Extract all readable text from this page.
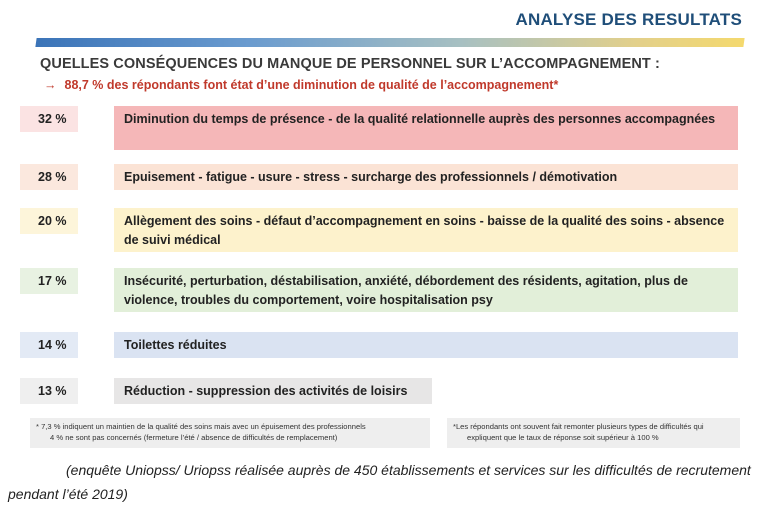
ANALYSE DES RESULTATS
QUELLES CONSÉQUENCES DU MANQUE DE PERSONNEL SUR L’ACCOMPAGNEMENT :
→ 88,7 % des répondants font état d’une diminution de qualité de l’accompagnement*
32 %	Diminution du temps de présence - de la qualité relationnelle auprès des personnes accompagnées
28 %	Epuisement - fatigue - usure - stress - surcharge des professionnels / démotivation
20 %	Allègement des soins - défaut d’accompagnement en soins - baisse de la qualité des soins - absence de suivi médical
17 %	Insécurité, perturbation, déstabilisation, anxiété, débordement des résidents, agitation, plus de violence, troubles du comportement, voire hospitalisation psy
14 %	Toilettes réduites
13 %	Réduction - suppression des activités de loisirs
* 7,3 % indiquent un maintien de la qualité des soins mais avec un épuisement des professionnels
4 % ne sont pas concernés (fermeture l’été / absence de difficultés de remplacement)
*Les répondants ont souvent fait remonter plusieurs types de difficultés qui
expliquent que le taux de réponse soit supérieur à 100 %
(enquête Uniopss/ Uriopss réalisée auprès de 450 établissements et services sur les difficultés de recrutement pendant l’été 2019)
